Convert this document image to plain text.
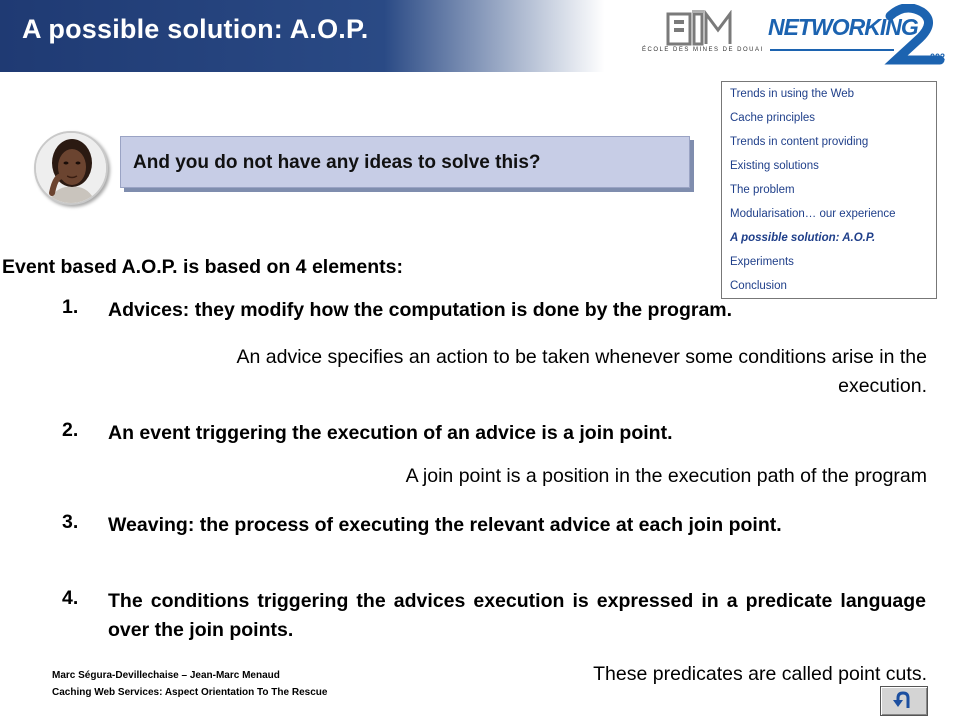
A possible solution: A.O.P.
ÉCOLE DES MINES DE DOUAI
NETWORKING
002
Trends in using the Web
Cache principles
Trends in content providing
Existing solutions
The problem
Modularisation… our experience
A possible solution: A.O.P.
Experiments
Conclusion
And you do not have any ideas to solve this?
Event based A.O.P. is based on 4 elements:
1. Advices: they modify how the computation is done by the program.
An advice specifies an action to be taken whenever some conditions arise in the execution.
2. An event triggering the execution of an advice is a join point.
A join point is a position in the execution path of the program
3. Weaving: the process of executing the relevant advice at each join point.
4. The conditions triggering the advices execution is expressed in a predicate language over the join points.
These predicates are called point cuts.
Marc Ségura-Devillechaise – Jean-Marc Menaud
Caching Web Services: Aspect Orientation To The Rescue
